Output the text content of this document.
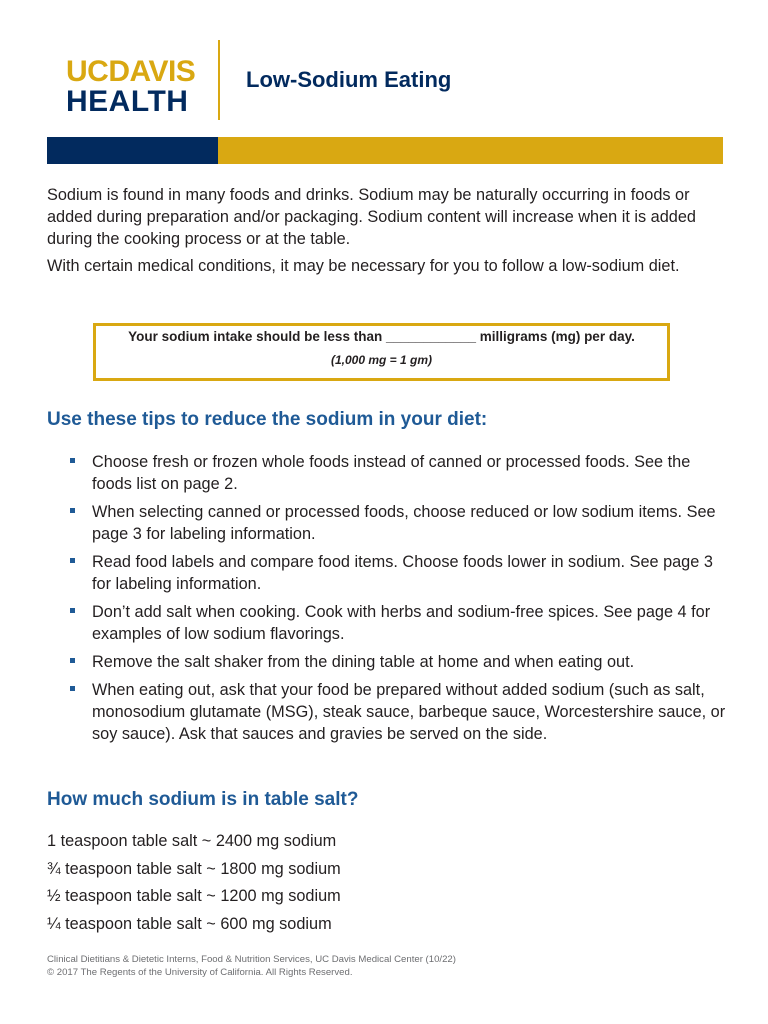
UCDAVIS
HEALTH
Low-Sodium Eating

Sodium is found in many foods and drinks. Sodium may be naturally occurring in foods or added during preparation and/or packaging. Sodium content will increase when it is added during the cooking process or at the table.

With certain medical conditions, it may be necessary for you to follow a low-sodium diet.

Your sodium intake should be less than ____________ milligrams (mg) per day.
(1,000 mg = 1 gm)
Use these tips to reduce the sodium in your diet:
Choose fresh or frozen whole foods instead of canned or processed foods. See the foods list on page 2.
When selecting canned or processed foods, choose reduced or low sodium items. See page 3 for labeling information.
Read food labels and compare food items. Choose foods lower in sodium. See page 3 for labeling information.
Don’t add salt when cooking. Cook with herbs and sodium-free spices. See page 4 for examples of low sodium flavorings.
Remove the salt shaker from the dining table at home and when eating out.
When eating out, ask that your food be prepared without added sodium (such as salt, monosodium glutamate (MSG), steak sauce, barbeque sauce, Worcestershire sauce, or soy sauce). Ask that sauces and gravies be served on the side.
How much sodium is in table salt?
1 teaspoon table salt ~ 2400 mg sodium
¾ teaspoon table salt ~ 1800 mg sodium
½ teaspoon table salt ~ 1200 mg sodium
¼ teaspoon table salt ~ 600 mg sodium
Clinical Dietitians & Dietetic Interns, Food & Nutrition Services, UC Davis Medical Center (10/22)
© 2017 The Regents of the University of California. All Rights Reserved.
